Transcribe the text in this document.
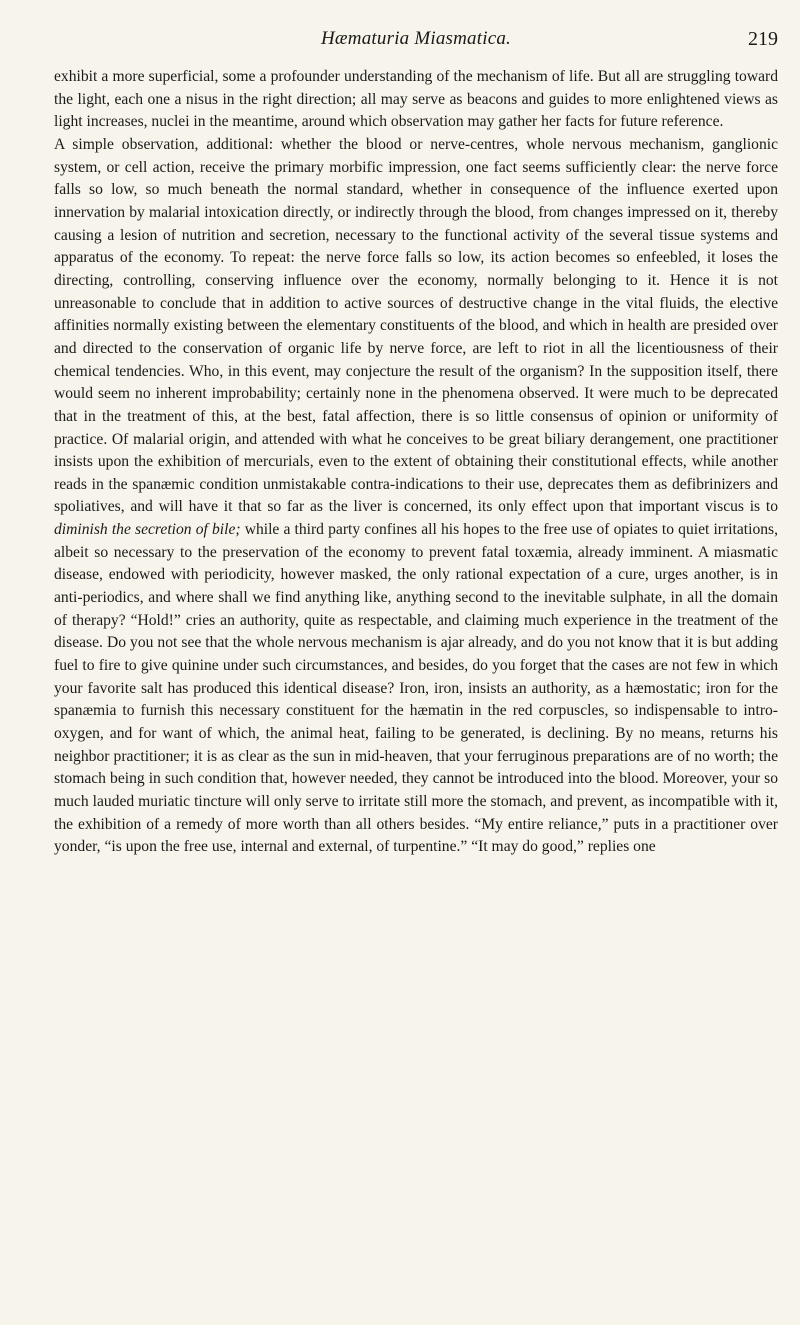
Hæmaturia Miasmatica.	219

exhibit a more superficial, some a profounder understanding of the mechanism of life. But all are struggling toward the light, each one a nisus in the right direction; all may serve as beacons and guides to more enlightened views as light increases, nuclei in the meantime, around which observation may gather her facts for future reference.

A simple observation, additional: whether the blood or nerve-centres, whole nervous mechanism, ganglionic system, or cell action, receive the primary morbific impression, one fact seems sufficiently clear: the nerve force falls so low, so much beneath the normal standard, whether in consequence of the influence exerted upon innervation by malarial intoxication directly, or indirectly through the blood, from changes impressed on it, thereby causing a lesion of nutrition and secretion, necessary to the functional activity of the several tissue systems and apparatus of the economy. To repeat: the nerve force falls so low, its action becomes so enfeebled, it loses the directing, controlling, conserving influence over the economy, normally belonging to it. Hence it is not unreasonable to conclude that in addition to active sources of destructive change in the vital fluids, the elective affinities normally existing between the elementary constituents of the blood, and which in health are presided over and directed to the conservation of organic life by nerve force, are left to riot in all the licentiousness of their chemical tendencies. Who, in this event, may conjecture the result of the organism? In the supposition itself, there would seem no inherent improbability; certainly none in the phenomena observed. It were much to be deprecated that in the treatment of this, at the best, fatal affection, there is so little consensus of opinion or uniformity of practice. Of malarial origin, and attended with what he conceives to be great biliary derangement, one practitioner insists upon the exhibition of mercurials, even to the extent of obtaining their constitutional effects, while another reads in the spanæmic condition unmistakable contra-indications to their use, deprecates them as defibrinizers and spoliatives, and will have it that so far as the liver is concerned, its only effect upon that important viscus is to diminish the secretion of bile; while a third party confines all his hopes to the free use of opiates to quiet irritations, albeit so necessary to the preservation of the economy to prevent fatal toxæmia, already imminent. A miasmatic disease, endowed with periodicity, however masked, the only rational expectation of a cure, urges another, is in anti-periodics, and where shall we find anything like, anything second to the inevitable sulphate, in all the domain of therapy? “Hold!” cries an authority, quite as respectable, and claiming much experience in the treatment of the disease. Do you not see that the whole nervous mechanism is ajar already, and do you not know that it is but adding fuel to fire to give quinine under such circumstances, and besides, do you forget that the cases are not few in which your favorite salt has produced this identical disease? Iron, iron, insists an authority, as a hæmostatic; iron for the spanæmia to furnish this necessary constituent for the hæmatin in the red corpuscles, so indispensable to intro-oxygen, and for want of which, the animal heat, failing to be generated, is declining. By no means, returns his neighbor practitioner; it is as clear as the sun in mid-heaven, that your ferruginous preparations are of no worth; the stomach being in such condition that, however needed, they cannot be introduced into the blood. Moreover, your so much lauded muriatic tincture will only serve to irritate still more the stomach, and prevent, as incompatible with it, the exhibition of a remedy of more worth than all others besides. “My entire reliance,” puts in a practitioner over yonder, “is upon the free use, internal and external, of turpentine.” “It may do good,” replies one
